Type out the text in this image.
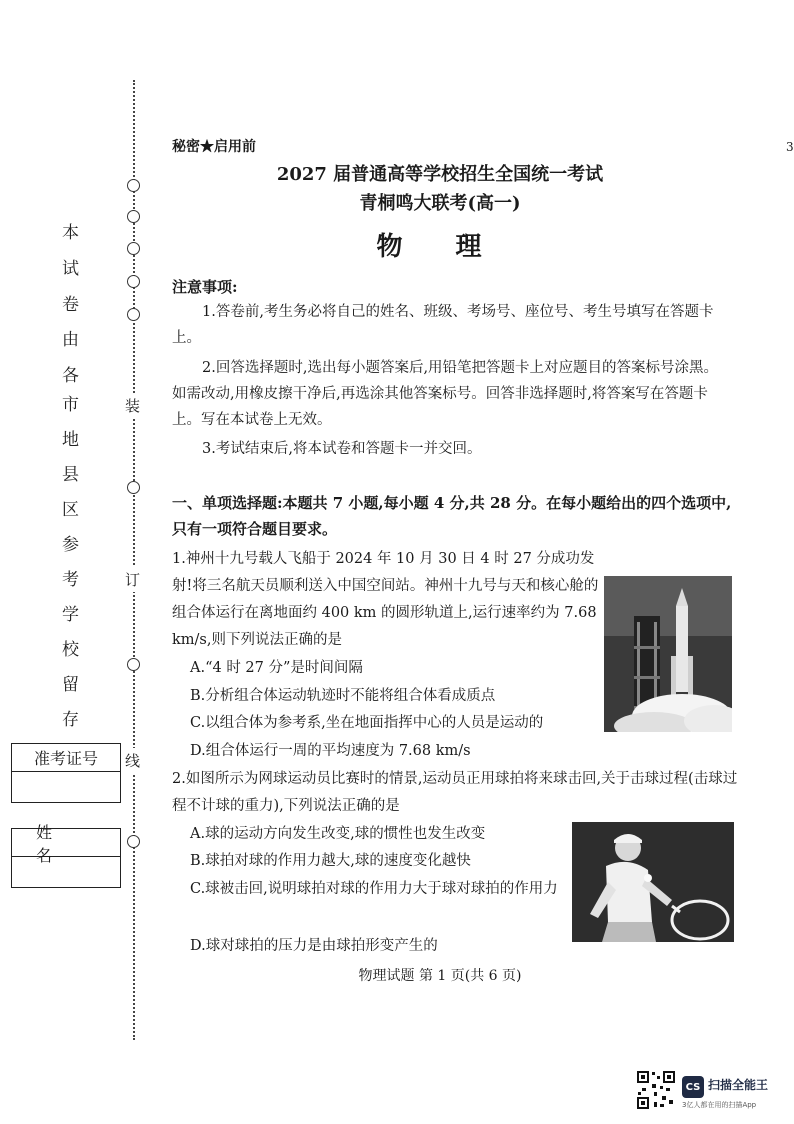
装
订
线
本
试
卷
由
各
市
地
县
区
参
考
学
校
留
存
准考证号
姓 名
秘密★启用前	3
2027 届普通高等学校招生全国统一考试
青桐鸣大联考(高一)
物 理
注意事项:
1.答卷前,考生务必将自己的姓名、班级、考场号、座位号、考生号填写在答题卡上。
2.回答选择题时,选出每小题答案后,用铅笔把答题卡上对应题目的答案标号涂黑。如需改动,用橡皮擦干净后,再选涂其他答案标号。回答非选择题时,将答案写在答题卡上。写在本试卷上无效。
3.考试结束后,将本试卷和答题卡一并交回。
一、单项选择题:本题共 7 小题,每小题 4 分,共 28 分。在每小题给出的四个选项中,只有一项符合题目要求。
1.神州十九号载人飞船于 2024 年 10 月 30 日 4 时 27 分成功发射!将三名航天员顺利送入中国空间站。神州十九号与天和核心舱的组合体运行在离地面约 400 km 的圆形轨道上,运行速率约为 7.68 km/s,则下列说法正确的是
A.“4 时 27 分”是时间间隔
B.分析组合体运动轨迹时不能将组合体看成质点
C.以组合体为参考系,坐在地面指挥中心的人员是运动的
D.组合体运行一周的平均速度为 7.68 km/s
2.如图所示为网球运动员比赛时的情景,运动员正用球拍将来球击回,关于击球过程(击球过程不计球的重力),下列说法正确的是
A.球的运动方向发生改变,球的惯性也发生改变
B.球拍对球的作用力越大,球的速度变化越快
C.球被击回,说明球拍对球的作用力大于球对球拍的作用力
D.球对球拍的压力是由球拍形变产生的
物理试题 第 1 页(共 6 页)
CS 扫描全能王
3亿人都在用的扫描App
